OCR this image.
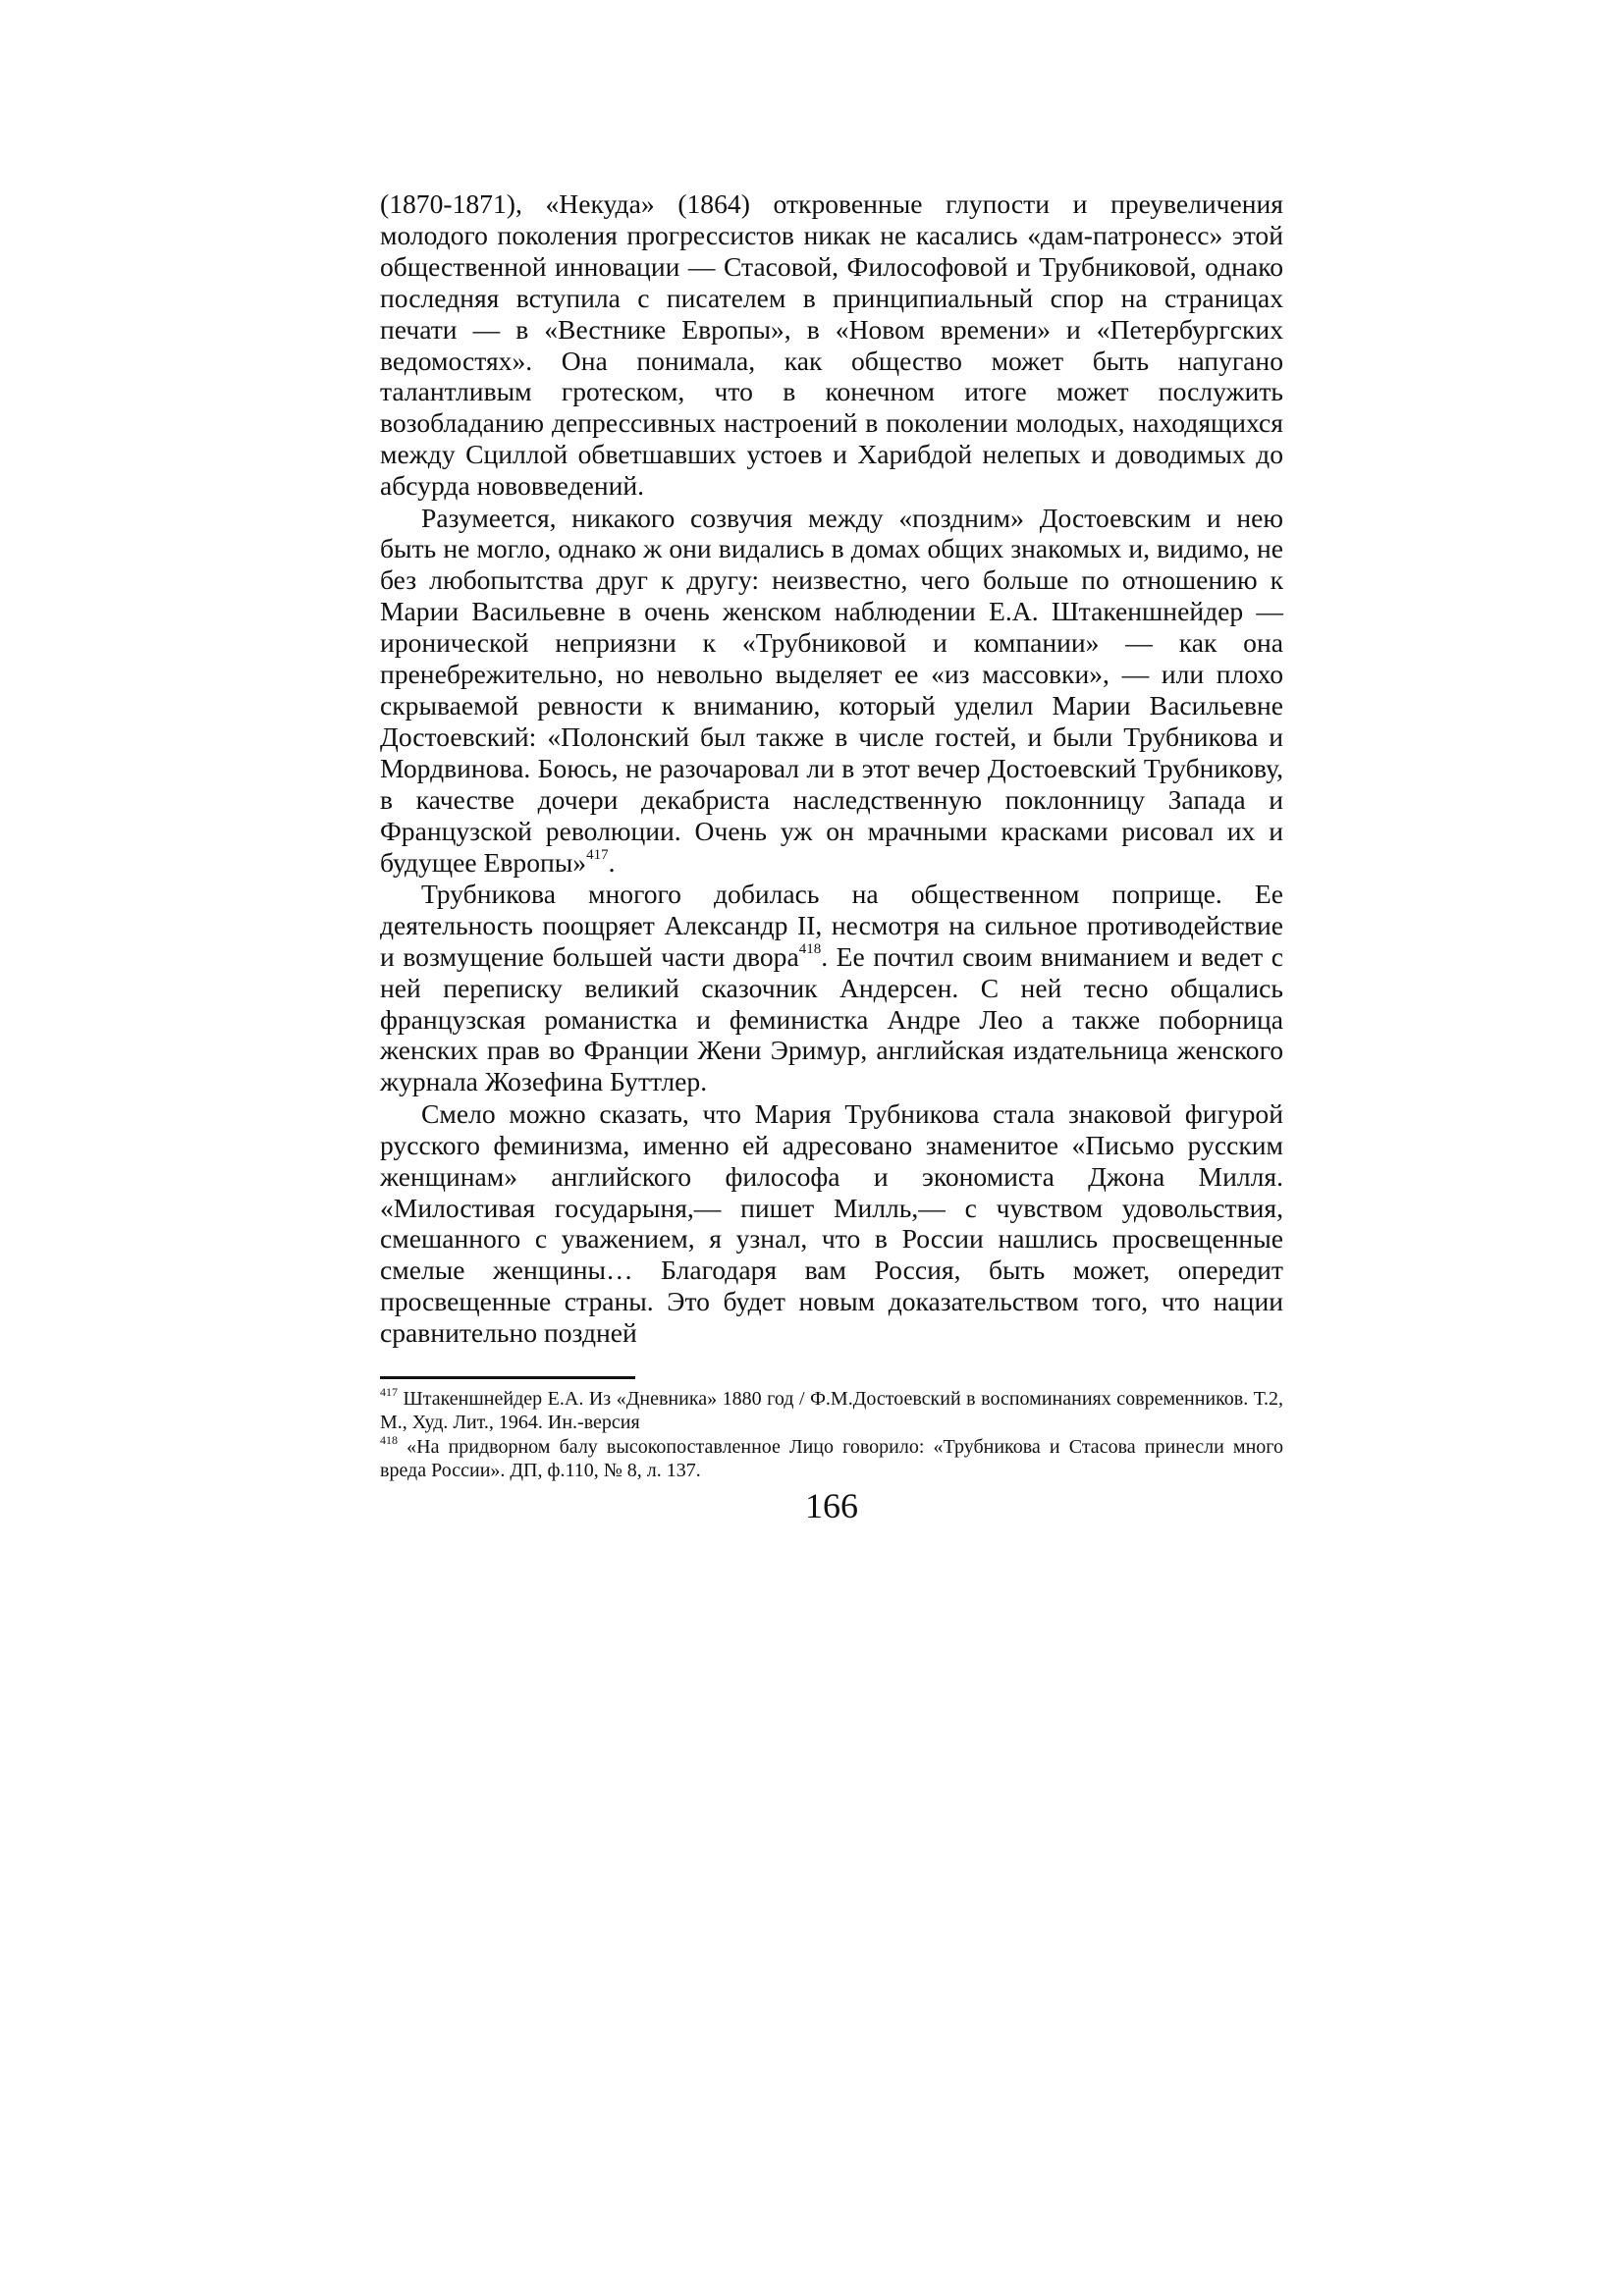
(1870-1871), «Некуда» (1864) откровенные глупости и преувеличения молодого поколения прогрессистов никак не касались «дам-патронесс» этой общественной инновации — Стасовой, Философовой и Трубниковой, однако последняя вступила с писателем в принципиальный спор на страницах печати — в «Вестнике Европы», в «Новом времени» и «Петербургских ведомостях». Она понимала, как общество может быть напугано талантливым гротеском, что в конечном итоге может послужить возобладанию депрессивных настроений в поколении молодых, находящихся между Сциллой обветшавших устоев и Харибдой нелепых и доводимых до абсурда нововведений.

Разумеется, никакого созвучия между «поздним» Достоевским и нею быть не могло, однако ж они видались в домах общих знакомых и, видимо, не без любопытства друг к другу: неизвестно, чего больше по отношению к Марии Васильевне в очень женском наблюдении Е.А. Штакеншнейдер — иронической неприязни к «Трубниковой и компании» — как она пренебрежительно, но невольно выделяет ее «из массовки», — или плохо скрываемой ревности к вниманию, который уделил Марии Васильевне Достоевский: «Полонский был также в числе гостей, и были Трубникова и Мордвинова. Боюсь, не разочаровал ли в этот вечер Достоевский Трубникову, в качестве дочери декабриста наследственную поклонницу Запада и Французской революции. Очень уж он мрачными красками рисовал их и будущее Европы»$^{417}$.

Трубникова многого добилась на общественном поприще. Ее деятельность поощряет Александр II, несмотря на сильное противодействие и возмущение большей части двора$^{418}$. Ее почтил своим вниманием и ведет с ней переписку великий сказочник Андерсен. С ней тесно общались французская романистка и феминистка Андре Лео а также поборница женских прав во Франции Жени Эримур, английская издательница женского журнала Жозефина Буттлер.

Смело можно сказать, что Мария Трубникова стала знаковой фигурой русского феминизма, именно ей адресовано знаменитое «Письмо русским женщинам» английского философа и экономиста Джона Милля. «Милостивая государыня,— пишет Милль,— с чувством удовольствия, смешанного с уважением, я узнал, что в России нашлись просвещенные смелые женщины… Благодаря вам Россия, быть может, опередит просвещенные страны. Это будет новым доказательством того, что нации сравнительно поздней

$^{417}$ Штакеншнейдер Е.А. Из «Дневника» 1880 год / Ф.М.Достоевский в воспоминаниях современников. Т.2, М., Худ. Лит., 1964. Ин.-версия

$^{418}$ «На придворном балу высокопоставленное Лицо говорило: «Трубникова и Стасова принесли много вреда России». ДП, ф.110, № 8, л. 137.

166
